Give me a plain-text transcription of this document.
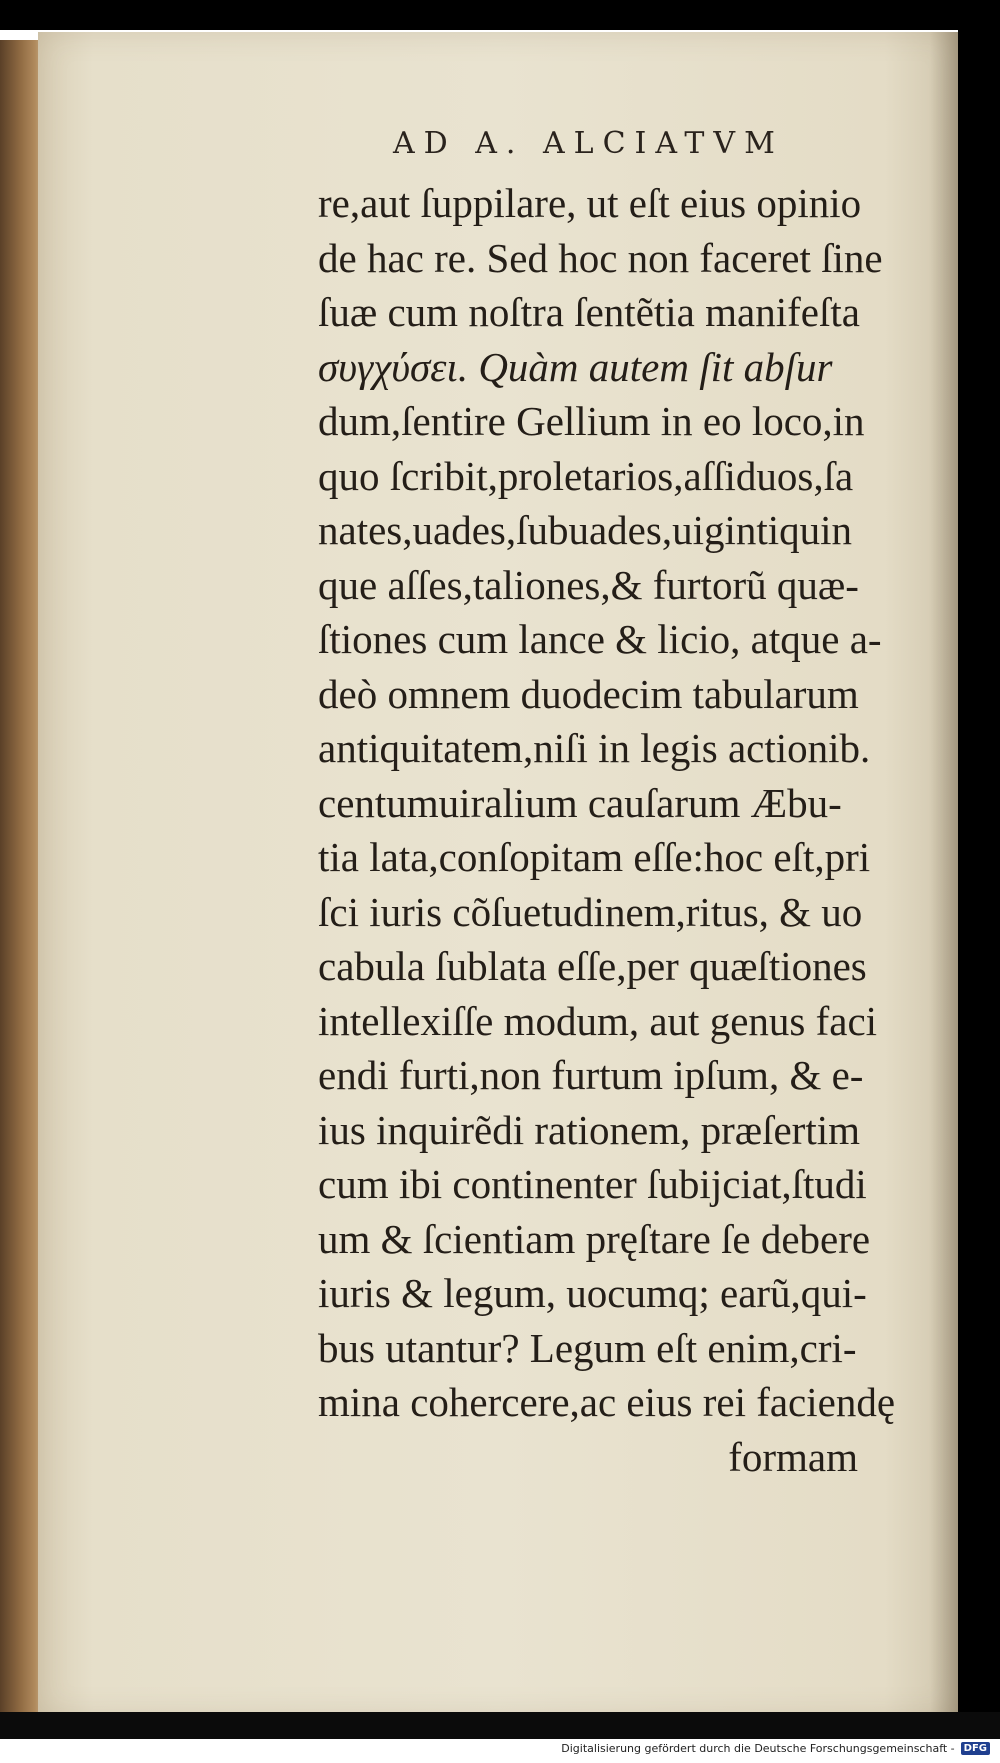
AD A. ALCIATVM
re,aut ſuppilare, ut eſt eius opinio
de hac re. Sed hoc non faceret ſine
ſuæ cum noſtra ſentẽtia manifeſta
συγχύσει. Quàm autem ſit abſur
dum,ſentire Gellium in eo loco,in
quo ſcribit,proletarios,aſſiduos,ſa
nates,uades,ſubuades,uigintiquin
que aſſes,taliones,& furtorũ quæ-
ſtiones cum lance & licio, atque a-
deò omnem duodecim tabularum
antiquitatem,niſi in legis actionib.
centumuiralium cauſarum Æbu-
tia lata,conſopitam eſſe:hoc eſt,pri
ſci iuris cõſuetudinem,ritus, & uo
cabula ſublata eſſe,per quæſtiones
intellexiſſe modum, aut genus faci
endi furti,non furtum ipſum, & e-
ius inquirẽdi rationem, præſertim
cum ibi continenter ſubijciat,ſtudi
um & ſcientiam pręſtare ſe debere
iuris & legum, uocumq; earũ,qui-
bus utantur? Legum eſt enim,cri-
mina cohercere,ac eius rei faciendę
formam
Digitalisierung gefördert durch die Deutsche Forschungsgemeinschaft - DFG
